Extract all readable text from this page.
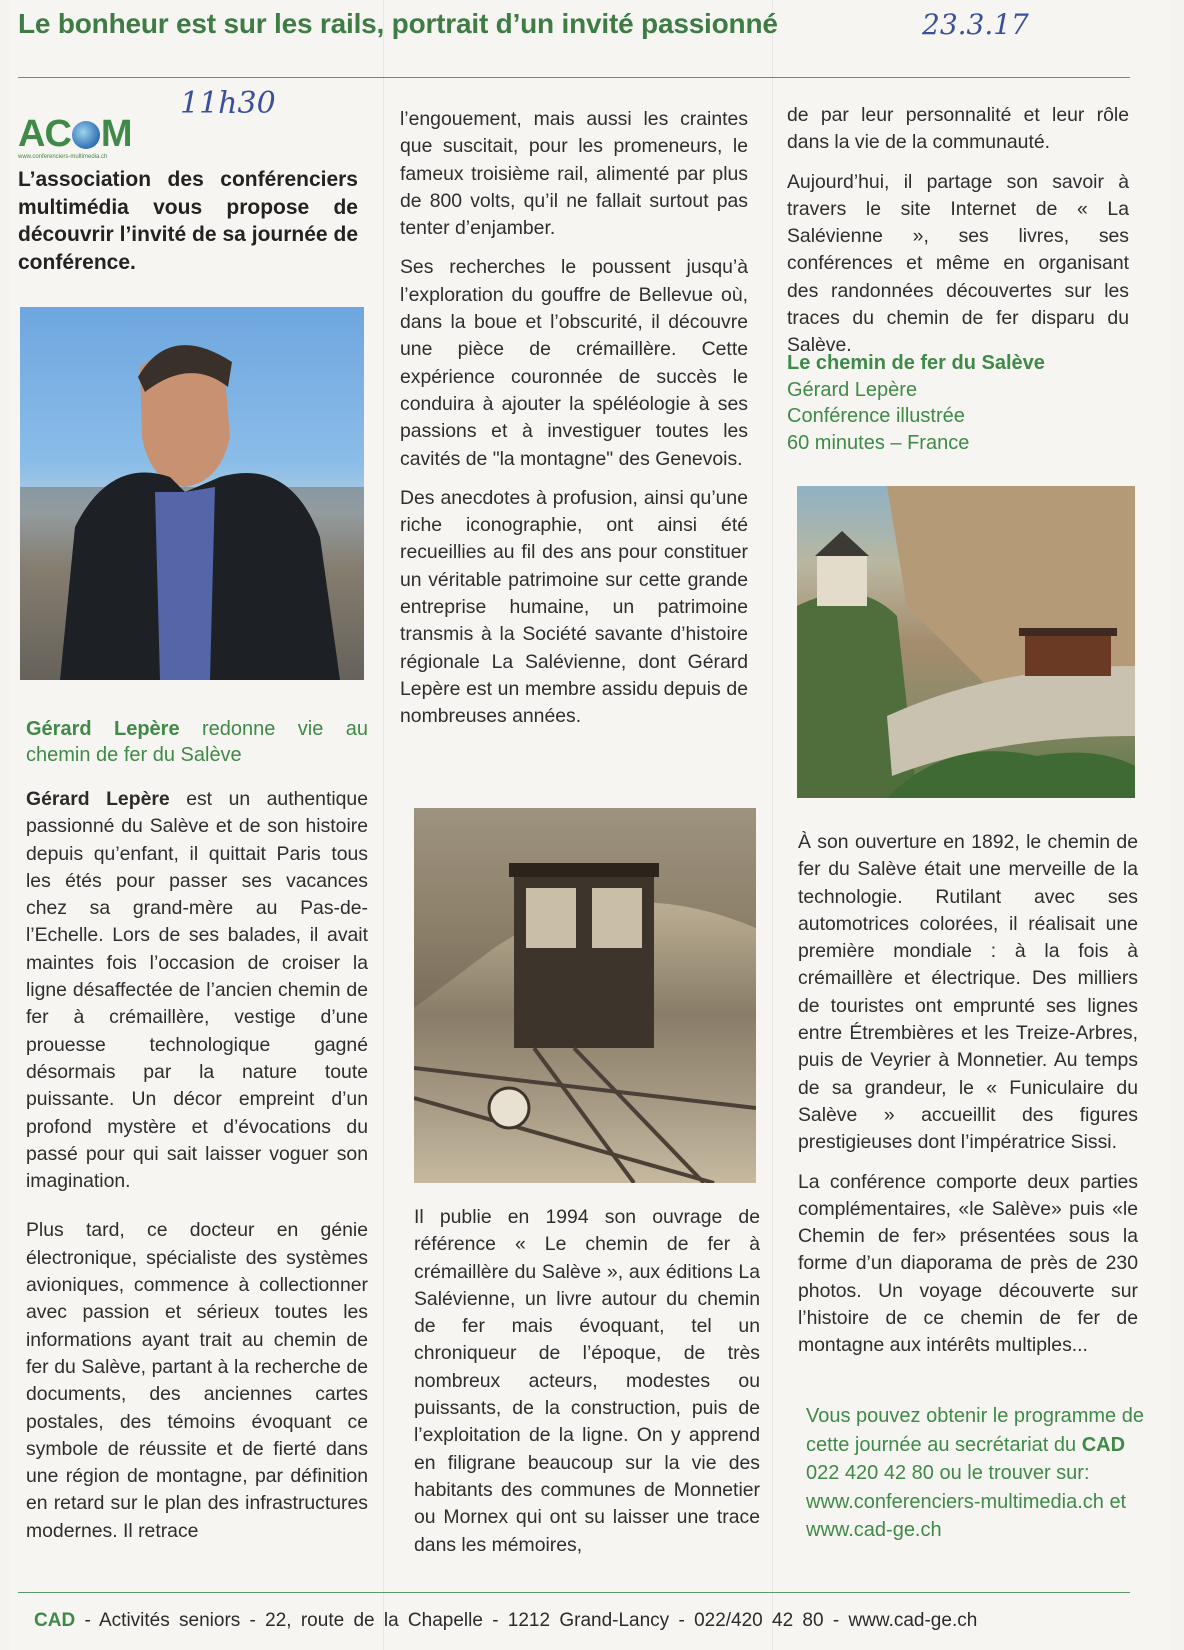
Le bonheur est sur les rails, portrait d’un invité passionné	23.3.17
11h30
AC M
www.conferenciers-multimedia.ch

L’association des conférenciers multimédia vous propose de découvrir l’invité de sa journée de conférence.

Gérard Lepère redonne vie au chemin de fer du Salève

Gérard Lepère est un authentique passionné du Salève et de son histoire depuis qu’enfant, il quittait Paris tous les étés pour passer ses vacances chez sa grand-mère au Pas-de-l’Echelle. Lors de ses balades, il avait maintes fois l’occasion de croiser la ligne désaffectée de l’ancien chemin de fer à crémaillère, vestige d’une prouesse technologique gagné désormais par la nature toute puissante. Un décor empreint d’un profond mystère et d’évocations du passé pour qui sait laisser voguer son imagination.

Plus tard, ce docteur en génie électronique, spécialiste des systèmes avioniques, commence à collectionner avec passion et sérieux toutes les informations ayant trait au chemin de fer du Salève, partant à la recherche de documents, des anciennes cartes postales, des témoins évoquant ce symbole de réussite et de fierté dans une région de montagne, par définition en retard sur le plan des infrastructures modernes. Il retrace

l’engouement, mais aussi les craintes que suscitait, pour les promeneurs, le fameux troisième rail, alimenté par plus de 800 volts, qu’il ne fallait surtout pas tenter d’enjamber.

Ses recherches le poussent jusqu’à l’exploration du gouffre de Bellevue où, dans la boue et l’obscurité, il découvre une pièce de crémaillère. Cette expérience couronnée de succès le conduira à ajouter la spéléologie à ses passions et à investiguer toutes les cavités de "la montagne" des Genevois.

Des anecdotes à profusion, ainsi qu’une riche iconographie, ont ainsi été recueillies au fil des ans pour constituer un véritable patrimoine sur cette grande entreprise humaine, un patrimoine transmis à la Société savante d’histoire régionale La Salévienne, dont Gérard Lepère est un membre assidu depuis de nombreuses années.

Il publie en 1994 son ouvrage de référence « Le chemin de fer à crémaillère du Salève », aux éditions La Salévienne, un livre autour du chemin de fer mais évoquant, tel un chroniqueur de l’époque, de très nombreux acteurs, modestes ou puissants, de la construction, puis de l’exploitation de la ligne. On y apprend en filigrane beaucoup sur la vie des habitants des communes de Monnetier ou Mornex qui ont su laisser une trace dans les mémoires,

de par leur personnalité et leur rôle dans la vie de la communauté.

Aujourd’hui, il partage son savoir à travers le site Internet de « La Salévienne », ses livres, ses conférences et même en organisant des randonnées découvertes sur les traces du chemin de fer disparu du Salève.

Le chemin de fer du Salève
Gérard Lepère
Conférence illustrée
60 minutes – France

À son ouverture en 1892, le chemin de fer du Salève était une merveille de la technologie. Rutilant avec ses automotrices colorées, il réalisait une première mondiale : à la fois à crémaillère et électrique. Des milliers de touristes ont emprunté ses lignes entre Étrembières et les Treize-Arbres, puis de Veyrier à Monnetier. Au temps de sa grandeur, le « Funiculaire du Salève » accueillit des figures prestigieuses dont l’impératrice Sissi.

La conférence comporte deux parties complémentaires, «le Salève» puis «le Chemin de fer» présentées sous la forme d’un diaporama de près de 230 photos. Un voyage découverte sur l’histoire de ce chemin de fer de montagne aux intérêts multiples...

Vous pouvez obtenir le programme de cette journée au secrétariat du CAD 022 420 42 80 ou le trouver sur: www.conferenciers-multimedia.ch et www.cad-ge.ch

CAD - Activités seniors - 22, route de la Chapelle - 1212 Grand-Lancy - 022/420 42 80 - www.cad-ge.ch
